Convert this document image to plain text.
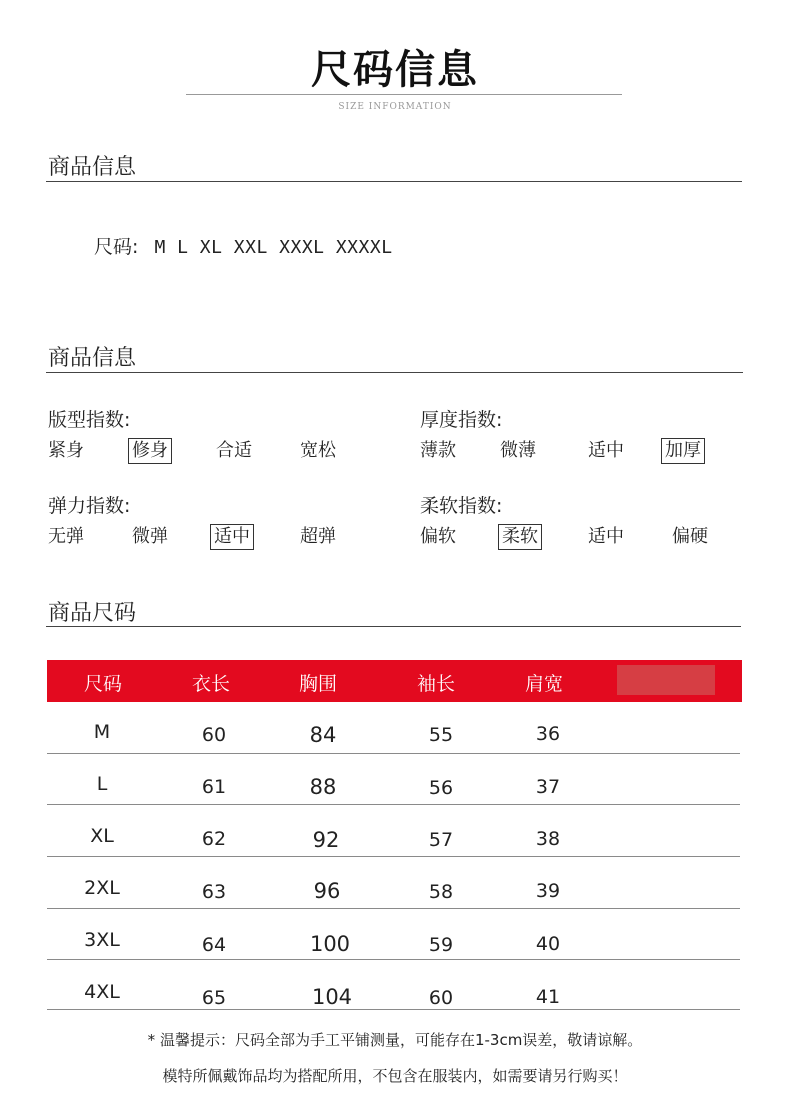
尺码信息
SIZE INFORMATION
商品信息
尺码: M L XL XXL XXXL XXXXL
商品信息
版型指数:
紧身	修身	合适	宽松
厚度指数:
薄款 微薄	适中 加厚
弹力指数:
无弹	微弹	适中	超弹
柔软指数:
偏软	柔软	适中	偏硬
商品尺码
尺码	衣长	胸围	袖长	肩宽
M	60	84	55	36
L	61	88	56	37
XL	62	92	57	38
2XL	63	96	58	39
3XL	64	100	59	40
4XL	65	104	60	41
* 温馨提示：尺码全部为手工平铺测量，可能存在1-3cm误差，敬请谅解。
模特所佩戴饰品均为搭配所用，不包含在服装内，如需要请另行购买！
